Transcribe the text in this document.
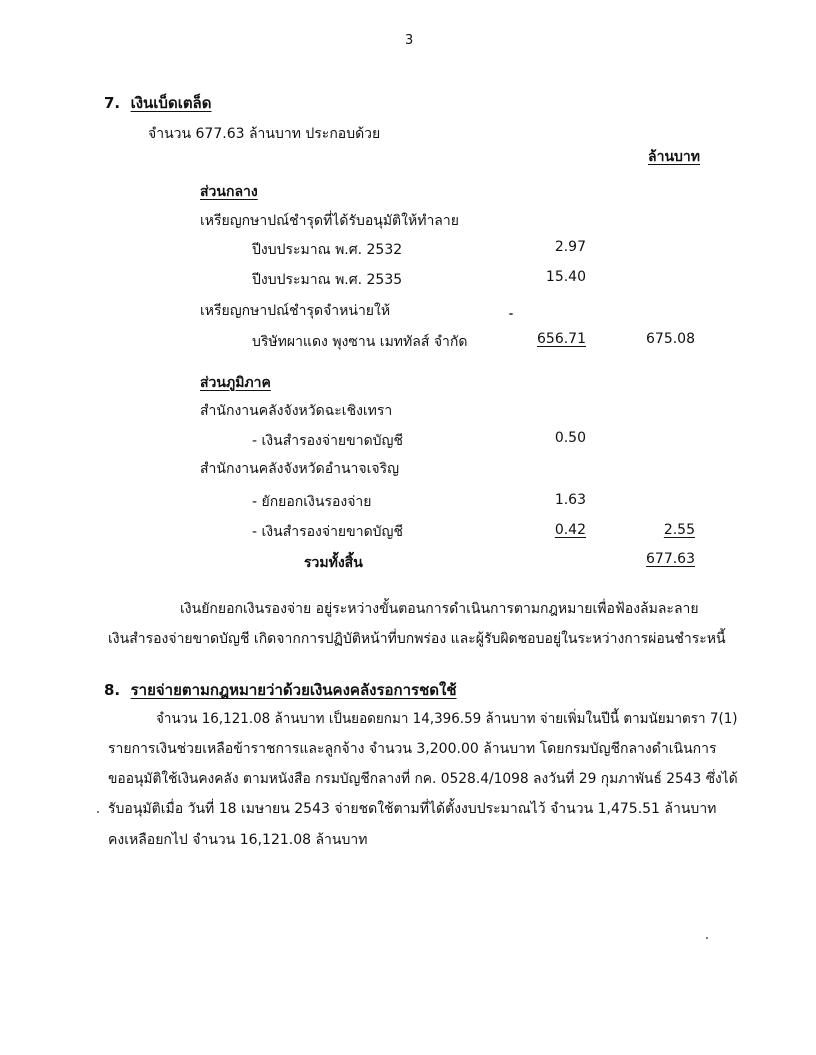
3
7. เงินเบ็ดเตล็ด
จำนวน 677.63 ล้านบาท ประกอบด้วย
ล้านบาท
ส่วนกลาง
เหรียญกษาปณ์ชำรุดที่ได้รับอนุมัติให้ทำลาย
ปีงบประมาณ พ.ศ. 2532	2.97
ปีงบประมาณ พ.ศ. 2535	15.40
เหรียญกษาปณ์ชำรุดจำหน่ายให้
บริษัทผาแดง พุงซาน เมททัลส์ จำกัด	656.71	675.08
ส่วนภูมิภาค
สำนักงานคลังจังหวัดฉะเชิงเทรา
- เงินสำรองจ่ายขาดบัญชี	0.50
สำนักงานคลังจังหวัดอำนาจเจริญ
- ยักยอกเงินรองจ่าย	1.63
- เงินสำรองจ่ายขาดบัญชี	0.42	2.55
รวมทั้งสิ้น	677.63
เงินยักยอกเงินรองจ่าย อยู่ระหว่างขั้นตอนการดำเนินการตามกฎหมายเพื่อฟ้องล้มละลาย
เงินสำรองจ่ายขาดบัญชี เกิดจากการปฏิบัติหน้าที่บกพร่อง และผู้รับผิดชอบอยู่ในระหว่างการผ่อนชำระหนี้
8. รายจ่ายตามกฎหมายว่าด้วยเงินคงคลังรอการชดใช้
จำนวน 16,121.08 ล้านบาท เป็นยอดยกมา 14,396.59 ล้านบาท จ่ายเพิ่มในปีนี้ ตามนัยมาตรา 7(1)
รายการเงินช่วยเหลือข้าราชการและลูกจ้าง จำนวน 3,200.00 ล้านบาท โดยกรมบัญชีกลางดำเนินการ
ขออนุมัติใช้เงินคงคลัง ตามหนังสือ กรมบัญชีกลางที่ กค. 0528.4/1098 ลงวันที่ 29 กุมภาพันธ์ 2543 ซึ่งได้
รับอนุมัติเมื่อ วันที่ 18 เมษายน 2543 จ่ายชดใช้ตามที่ได้ตั้งงบประมาณไว้ จำนวน 1,475.51 ล้านบาท
คงเหลือยกไป จำนวน 16,121.08 ล้านบาท
